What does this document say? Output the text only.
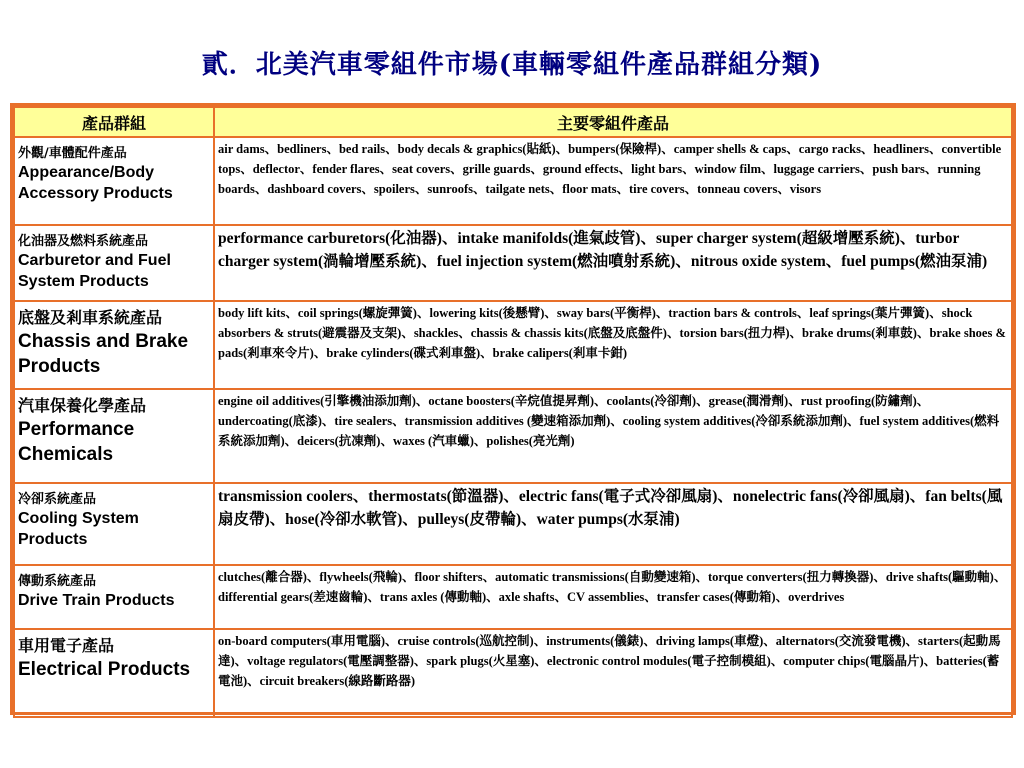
貳．北美汽車零組件市場(車輛零組件產品群組分類)
產品群組	主要零組件產品

外觀/車體配件產品
Appearance/Body Accessory Products	air dams、bedliners、bed rails、body decals & graphics(貼紙)、bumpers(保險桿)、camper shells & caps、cargo racks、headliners、convertible tops、deflector、fender flares、seat covers、grille guards、ground effects、light bars、window film、luggage carriers、push bars、running boards、dashboard covers、spoilers、sunroofs、tailgate nets、floor mats、tire covers、tonneau covers、visors

化油器及燃料系統產品
Carburetor and Fuel System Products	performance carburetors(化油器)、intake manifolds(進氣歧管)、super charger system(超級增壓系統)、turbor charger system(渦輪增壓系統)、fuel injection system(燃油噴射系統)、nitrous oxide system、fuel pumps(燃油泵浦)

底盤及剎車系統產品
Chassis and Brake Products	body lift kits、coil springs(螺旋彈簧)、lowering kits(後懸臂)、sway bars(平衡桿)、traction bars & controls、leaf springs(葉片彈簧)、shock absorbers & struts(避震器及支架)、shackles、chassis & chassis kits(底盤及底盤件)、torsion bars(扭力桿)、brake drums(剎車鼓)、brake shoes & pads(剎車來令片)、brake cylinders(碟式剎車盤)、brake calipers(剎車卡鉗)

汽車保養化學產品
Performance Chemicals	engine oil additives(引擎機油添加劑)、octane boosters(辛烷值提昇劑)、coolants(冷卻劑)、grease(潤滑劑)、rust proofing(防鏽劑)、undercoating(底漆)、tire sealers、transmission additives (變速箱添加劑)、cooling system additives(冷卻系統添加劑)、fuel system additives(燃料系統添加劑)、deicers(抗凍劑)、waxes (汽車蠟)、polishes(亮光劑)

冷卻系統產品
Cooling System Products	transmission coolers、thermostats(節溫器)、electric fans(電子式冷卻風扇)、nonelectric fans(冷卻風扇)、fan belts(風扇皮帶)、hose(冷卻水軟管)、pulleys(皮帶輪)、water pumps(水泵浦)

傳動系統產品
Drive Train Products	clutches(離合器)、flywheels(飛輪)、floor shifters、automatic transmissions(自動變速箱)、torque converters(扭力轉換器)、drive shafts(驅動軸)、differential gears(差速齒輪)、trans axles (傳動軸)、axle shafts、CV assemblies、transfer cases(傳動箱)、overdrives

車用電子產品
Electrical Products	on-board computers(車用電腦)、cruise controls(巡航控制)、instruments(儀錶)、driving lamps(車燈)、alternators(交流發電機)、starters(起動馬達)、voltage regulators(電壓調整器)、spark plugs(火星塞)、electronic control modules(電子控制模組)、computer chips(電腦晶片)、batteries(蓄電池)、circuit breakers(線路斷路器)
